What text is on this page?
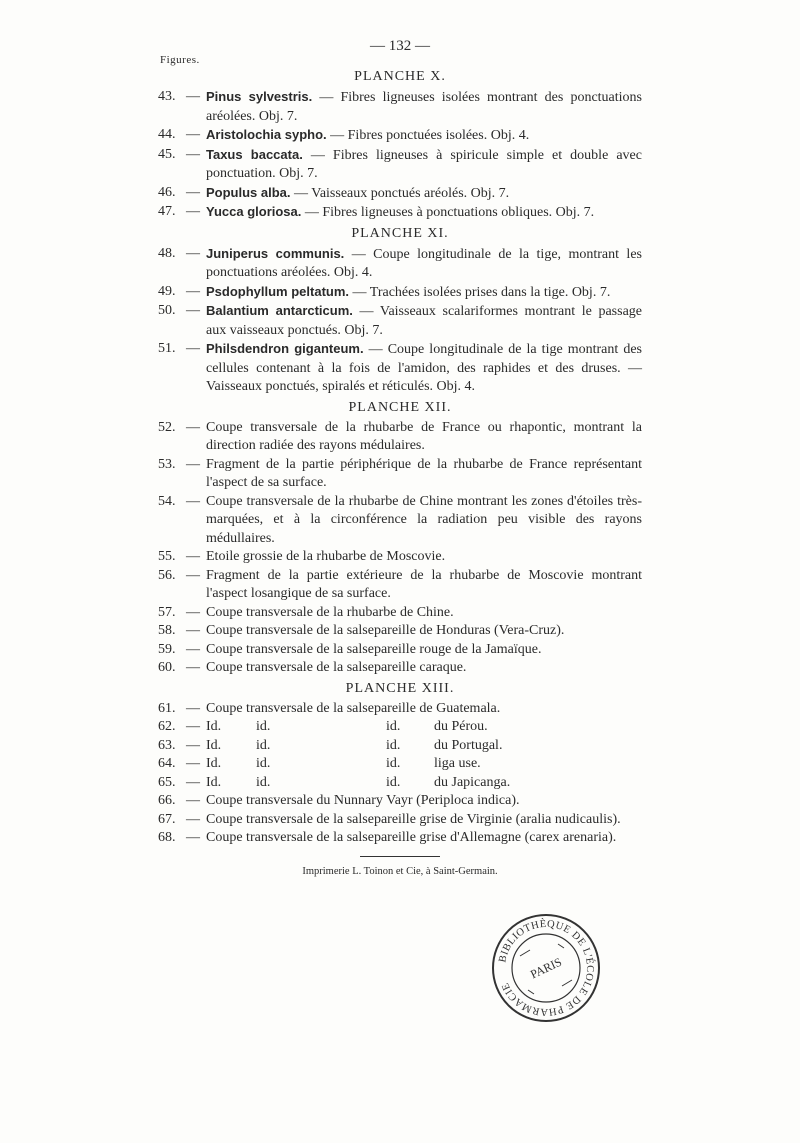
— 132 —
Figures.
PLANCHE X.
43. — Pinus sylvestris. — Fibres ligneuses isolées montrant des ponctuations aréolées. Obj. 7.
44. — Aristolochia sypho. — Fibres ponctuées isolées. Obj. 4.
45. — Taxus baccata. — Fibres ligneuses à spiricule simple et double avec ponctuation. Obj. 7.
46. — Populus alba. — Vaisseaux ponctués aréolés. Obj. 7.
47. — Yucca gloriosa. — Fibres ligneuses à ponctuations obliques. Obj. 7.
PLANCHE XI.
48. — Juniperus communis. — Coupe longitudinale de la tige, montrant les ponctuations aréolées. Obj. 4.
49. — Psdophyllum peltatum. — Trachées isolées prises dans la tige. Obj. 7.
50. — Balantium antarcticum. — Vaisseaux scalariformes montrant le passage aux vaisseaux ponctués. Obj. 7.
51. — Philsdendron giganteum. — Coupe longitudinale de la tige montrant des cellules contenant à la fois de l'amidon, des raphides et des druses. — Vaisseaux ponctués, spiralés et réticulés. Obj. 4.
PLANCHE XII.
52. — Coupe transversale de la rhubarbe de France ou rhapontic, montrant la direction radiée des rayons médulaires.
53. — Fragment de la partie périphérique de la rhubarbe de France représentant l'aspect de sa surface.
54. — Coupe transversale de la rhubarbe de Chine montrant les zones d'étoiles très-marquées, et à la circonférence la radiation peu visible des rayons médullaires.
55. — Etoile grossie de la rhubarbe de Moscovie.
56. — Fragment de la partie extérieure de la rhubarbe de Moscovie montrant l'aspect losangique de sa surface.
57. — Coupe transversale de la rhubarbe de Chine.
58. — Coupe transversale de la salsepareille de Honduras (Vera-Cruz).
59. — Coupe transversale de la salsepareille rouge de la Jamaïque.
60. — Coupe transversale de la salsepareille caraque.
PLANCHE XIII.
61. — Coupe transversale de la salsepareille de Guatemala.
62. — Id.	id.	id.	du Pérou.
63. — Id.	id.	id.	du Portugal.
64. — Id.	id.	id.	liga use.
65. — Id.	id.	id.	du Japicanga.
66. — Coupe transversale du Nunnary Vayr (Periploca indica).
67. — Coupe transversale de la salsepareille grise de Virginie (aralia nudicaulis).
68. — Coupe transversale de la salsepareille grise d'Allemagne (carex arenaria).
Imprimerie L. Toinon et Cie, à Saint-Germain.
BIBLIOTHÈQUE DE L'ÉCOLE DE PHARMACIE
PARIS
